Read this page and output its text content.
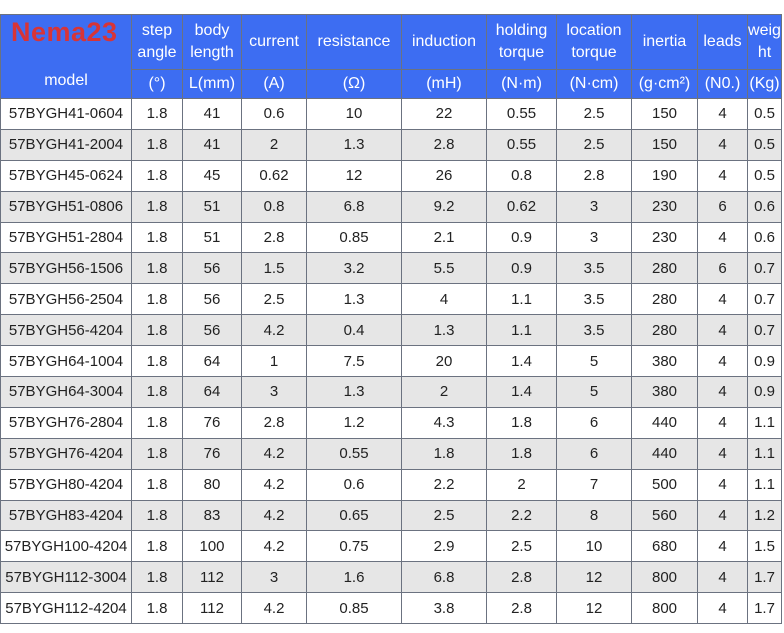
Nema23
model	step angle	body length	current	resistance	induction	holding torque	location torque	inertia	leads	weight
	(°)	L(mm)	(A)	(Ω)	(mH)	(N·m)	(N·cm)	(g·cm²)	(N0.)	(Kg)
57BYGH41-0604	1.8	41	0.6	10	22	0.55	2.5	150	4	0.5
57BYGH41-2004	1.8	41	2	1.3	2.8	0.55	2.5	150	4	0.5
57BYGH45-0624	1.8	45	0.62	12	26	0.8	2.8	190	4	0.5
57BYGH51-0806	1.8	51	0.8	6.8	9.2	0.62	3	230	6	0.6
57BYGH51-2804	1.8	51	2.8	0.85	2.1	0.9	3	230	4	0.6
57BYGH56-1506	1.8	56	1.5	3.2	5.5	0.9	3.5	280	6	0.7
57BYGH56-2504	1.8	56	2.5	1.3	4	1.1	3.5	280	4	0.7
57BYGH56-4204	1.8	56	4.2	0.4	1.3	1.1	3.5	280	4	0.7
57BYGH64-1004	1.8	64	1	7.5	20	1.4	5	380	4	0.9
57BYGH64-3004	1.8	64	3	1.3	2	1.4	5	380	4	0.9
57BYGH76-2804	1.8	76	2.8	1.2	4.3	1.8	6	440	4	1.1
57BYGH76-4204	1.8	76	4.2	0.55	1.8	1.8	6	440	4	1.1
57BYGH80-4204	1.8	80	4.2	0.6	2.2	2	7	500	4	1.1
57BYGH83-4204	1.8	83	4.2	0.65	2.5	2.2	8	560	4	1.2
57BYGH100-4204	1.8	100	4.2	0.75	2.9	2.5	10	680	4	1.5
57BYGH112-3004	1.8	112	3	1.6	6.8	2.8	12	800	4	1.7
57BYGH112-4204	1.8	112	4.2	0.85	3.8	2.8	12	800	4	1.7
